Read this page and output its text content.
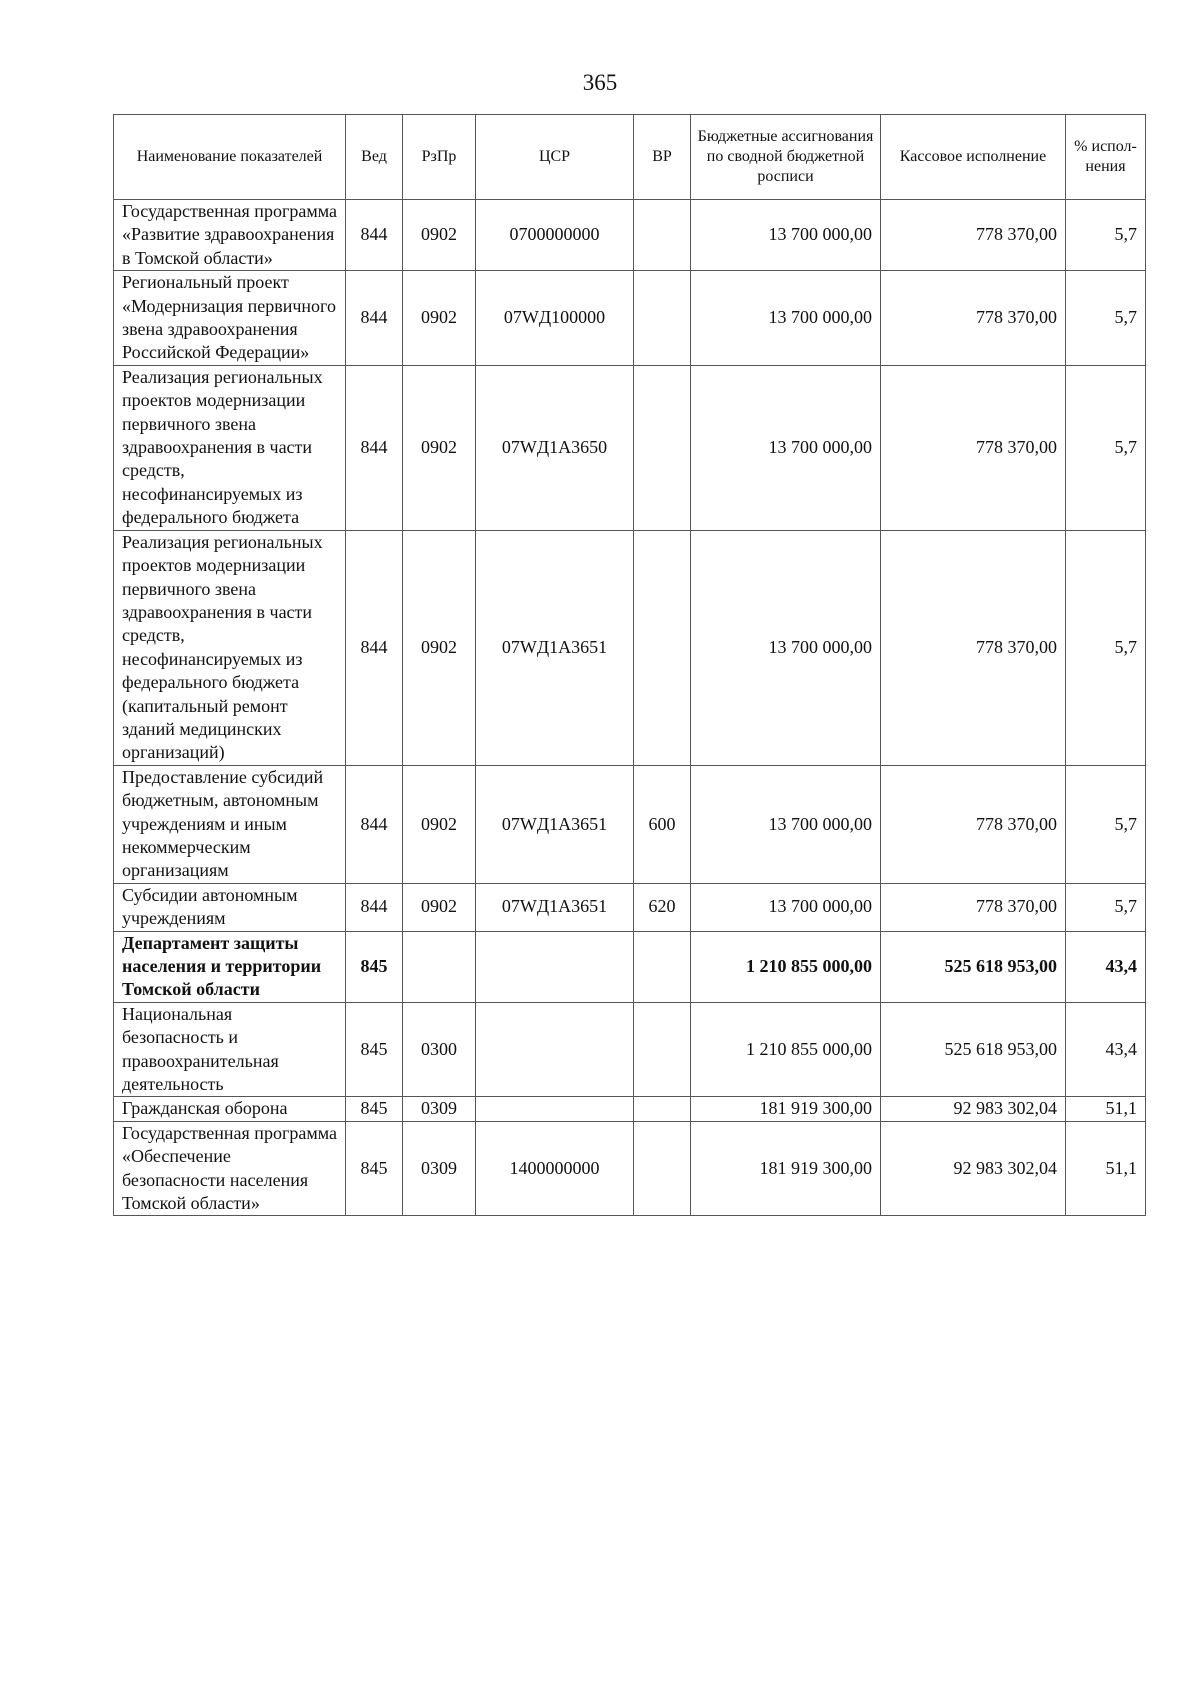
365
Наименование показателей	Вед	РзПр	ЦСР	ВР	Бюджетные ассигнования по сводной бюджетной росписи	Кассовое исполнение	% испол-нения
Государственная программа «Развитие здравоохранения в Томской области»	844	0902	0700000000		13 700 000,00	778 370,00	5,7
Региональный проект «Модернизация первичного звена здравоохранения Российской Федерации»	844	0902	07WД100000		13 700 000,00	778 370,00	5,7
Реализация региональных проектов модернизации первичного звена здравоохранения в части средств, несофинансируемых из федерального бюджета	844	0902	07WД1А3650		13 700 000,00	778 370,00	5,7
Реализация региональных проектов модернизации первичного звена здравоохранения в части средств, несофинансируемых из федерального бюджета (капитальный ремонт зданий медицинских организаций)	844	0902	07WД1А3651		13 700 000,00	778 370,00	5,7
Предоставление субсидий бюджетным, автономным учреждениям и иным некоммерческим организациям	844	0902	07WД1А3651	600	13 700 000,00	778 370,00	5,7
Субсидии автономным учреждениям	844	0902	07WД1А3651	620	13 700 000,00	778 370,00	5,7
Департамент защиты населения и территории Томской области	845				1 210 855 000,00	525 618 953,00	43,4
Национальная безопасность и правоохранительная деятельность	845	0300			1 210 855 000,00	525 618 953,00	43,4
Гражданская оборона	845	0309			181 919 300,00	92 983 302,04	51,1
Государственная программа «Обеспечение безопасности населения Томской области»	845	0309	1400000000		181 919 300,00	92 983 302,04	51,1
